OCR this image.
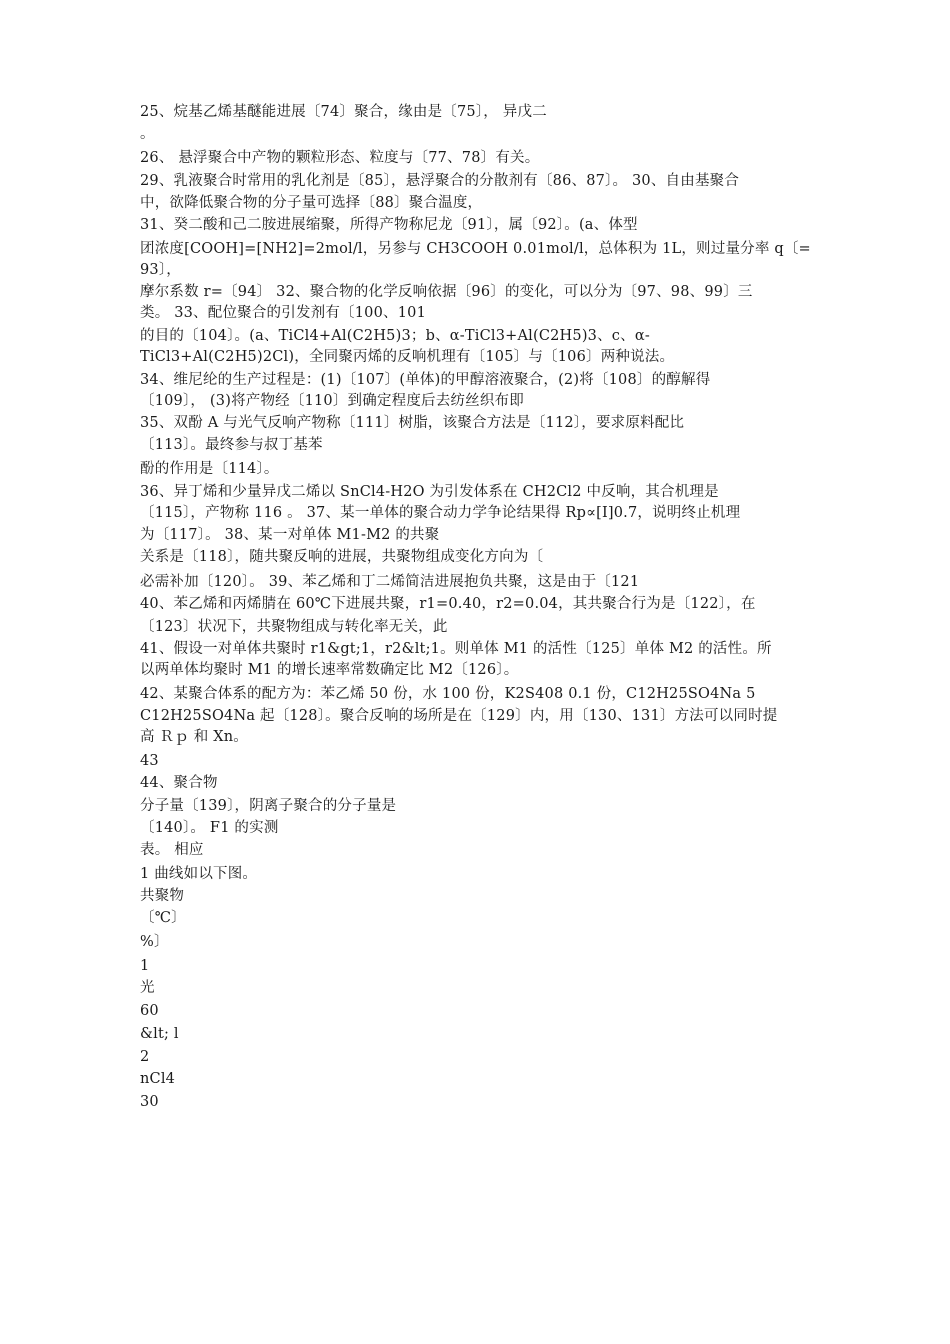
25、烷基乙烯基醚能进展〔74〕聚合，缘由是〔75〕， 异戊二
。
26、 悬浮聚合中产物的颗粒形态、粒度与〔77、78〕有关。
29、乳液聚合时常用的乳化剂是〔85〕，悬浮聚合的分散剂有〔86、87〕。 30、自由基聚合
中，欲降低聚合物的分子量可选择〔88〕聚合温度，
31、癸二酸和己二胺进展缩聚，所得产物称尼龙〔91〕，属〔92〕。(a、体型
团浓度[COOH]=[NH2]=2mol/l，另参与 CH3COOH 0.01mol/l，总体积为 1L，则过量分率 q〔=
93〕，
摩尔系数 r=〔94〕 32、聚合物的化学反响依据〔96〕的变化，可以分为〔97、98、99〕三
类。 33、配位聚合的引发剂有〔100、101
的目的〔104〕。(a、TiCl4+Al(C2H5)3；b、α-TiCl3+Al(C2H5)3、c、α-
TiCl3+Al(C2H5)2Cl)，全同聚丙烯的反响机理有〔105〕与〔106〕两种说法。
34、维尼纶的生产过程是：(1)〔107〕(单体)的甲醇溶液聚合，(2)将〔108〕的醇解得
〔109〕， (3)将产物经〔110〕到确定程度后去纺丝织布即
35、双酚 A 与光气反响产物称〔111〕树脂，该聚合方法是〔112〕，要求原料配比
〔113〕。最终参与叔丁基苯
酚的作用是〔114〕。
36、异丁烯和少量异戊二烯以 SnCl4-H2O 为引发体系在 CH2Cl2 中反响，其合机理是
〔115〕，产物称 116 。 37、某一单体的聚合动力学争论结果得 Rp∝[I]0.7，说明终止机理
为〔117〕。 38、某一对单体 M1-M2 的共聚
关系是〔118〕，随共聚反响的进展，共聚物组成变化方向为〔
必需补加〔120〕。 39、苯乙烯和丁二烯简洁进展抱负共聚，这是由于〔121
40、苯乙烯和丙烯腈在 60℃下进展共聚，r1=0.40，r2=0.04，其共聚合行为是〔122〕，在
〔123〕状况下，共聚物组成与转化率无关，此
41、假设一对单体共聚时 r1&gt;1，r2&lt;1。则单体 M1 的活性〔125〕单体 M2 的活性。所
以两单体均聚时 M1 的增长速率常数确定比 M2〔126〕。
42、某聚合体系的配方为：苯乙烯 50 份，水 100 份，K2S408 0.1 份，C12H25SO4Na 5
C12H25SO4Na 起〔128〕。聚合反响的场所是在〔129〕内，用〔130、131〕方法可以同时提
高 Ｒｐ 和 Xn。
43
44、聚合物
分子量〔139〕，阴离子聚合的分子量是
〔140〕。 F1 的实测
表。 相应
1 曲线如以下图。
共聚物
〔℃〕
%〕
1
光
60
&lt; l
2
nCl4
30
